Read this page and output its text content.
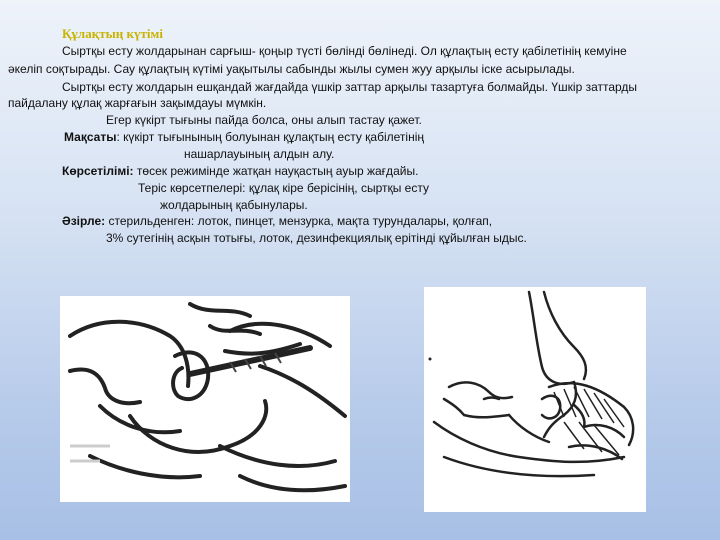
Құлақтың күтімі
Сыртқы есту жолдарынан сарғыш- қоңыр түсті бөлінді бөлінеді. Ол құлақтың есту қабілетінің кемуіне
әкеліп соқтырады. Сау құлақтың күтімі уақытылы сабынды жылы сумен жуу арқылы іске асырылады.
Сыртқы есту жолдарын ешқандай жағдайда үшкір заттар арқылы тазартуға болмайды. Үшкір заттарды
пайдалану құлақ жарғағын зақымдауы мүмкін.
Егер күкірт тығыны пайда болса, оны алып тастау қажет.
Мақсаты: күкірт тығынының болуынан құлақтың есту қабілетінің
нашарлауының алдын алу.
Көрсетілімі: төсек режимінде жатқан науқастың ауыр жағдайы.
Теріс көрсетпелері: құлақ кіре берісінің, сыртқы есту
жолдарының қабынулары.
Әзірле: стерильденген: лоток, пинцет, мензурка, мақта турундалары, қолғап,
3% сутегінің асқын тотығы, лоток, дезинфекциялық ерітінді құйылған ыдыс.
